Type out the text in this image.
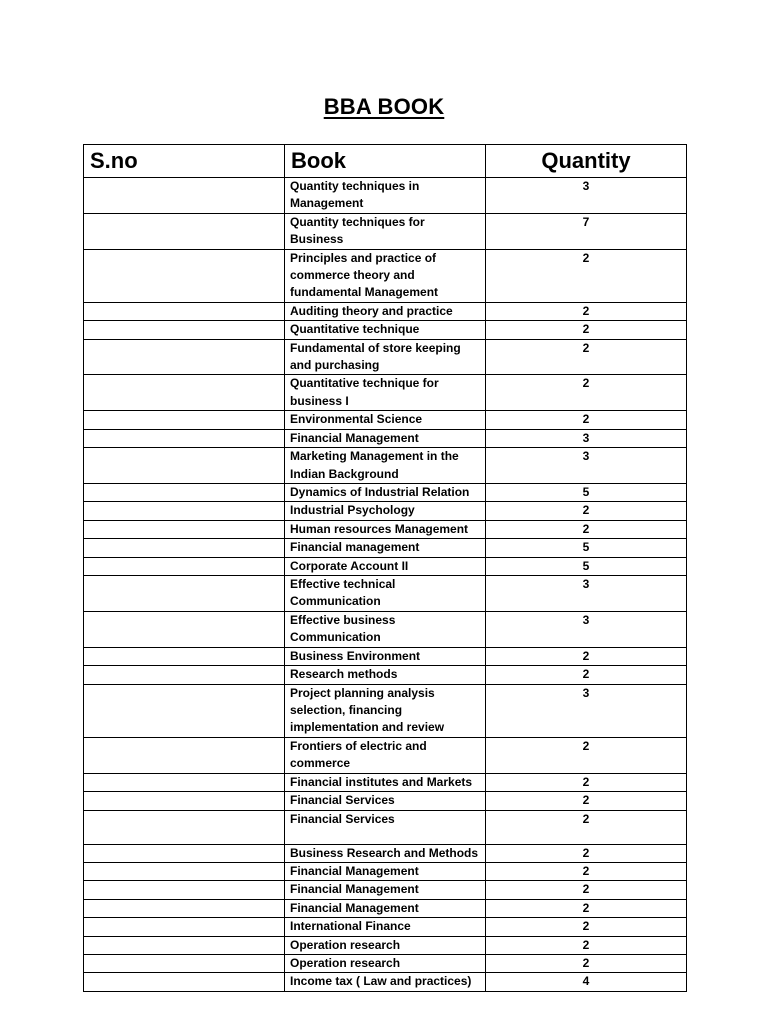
BBA BOOK
S.no	Book	Quantity
	Quantity techniques in Management	3
	Quantity techniques for Business	7
	Principles and practice of commerce theory and fundamental Management	2
	Auditing theory and practice	2
	Quantitative technique	2
	Fundamental of store keeping and purchasing	2
	Quantitative technique for business I	2
	Environmental Science	2
	Financial Management	3
	Marketing Management in the Indian Background	3
	Dynamics of Industrial Relation	5
	Industrial Psychology	2
	Human resources Management	2
	Financial management	5
	Corporate Account II	5
	Effective technical Communication	3
	Effective business Communication	3
	Business Environment	2
	Research methods	2
	Project planning analysis selection, financing implementation and review	3
	Frontiers of electric and commerce	2
	Financial institutes and Markets	2
	Financial Services	2
	Financial Services	2
	Business Research and Methods	2
	Financial Management	2
	Financial Management	2
	Financial Management	2
	International Finance	2
	Operation research	2
	Operation research	2
	Income tax ( Law and practices)	4
